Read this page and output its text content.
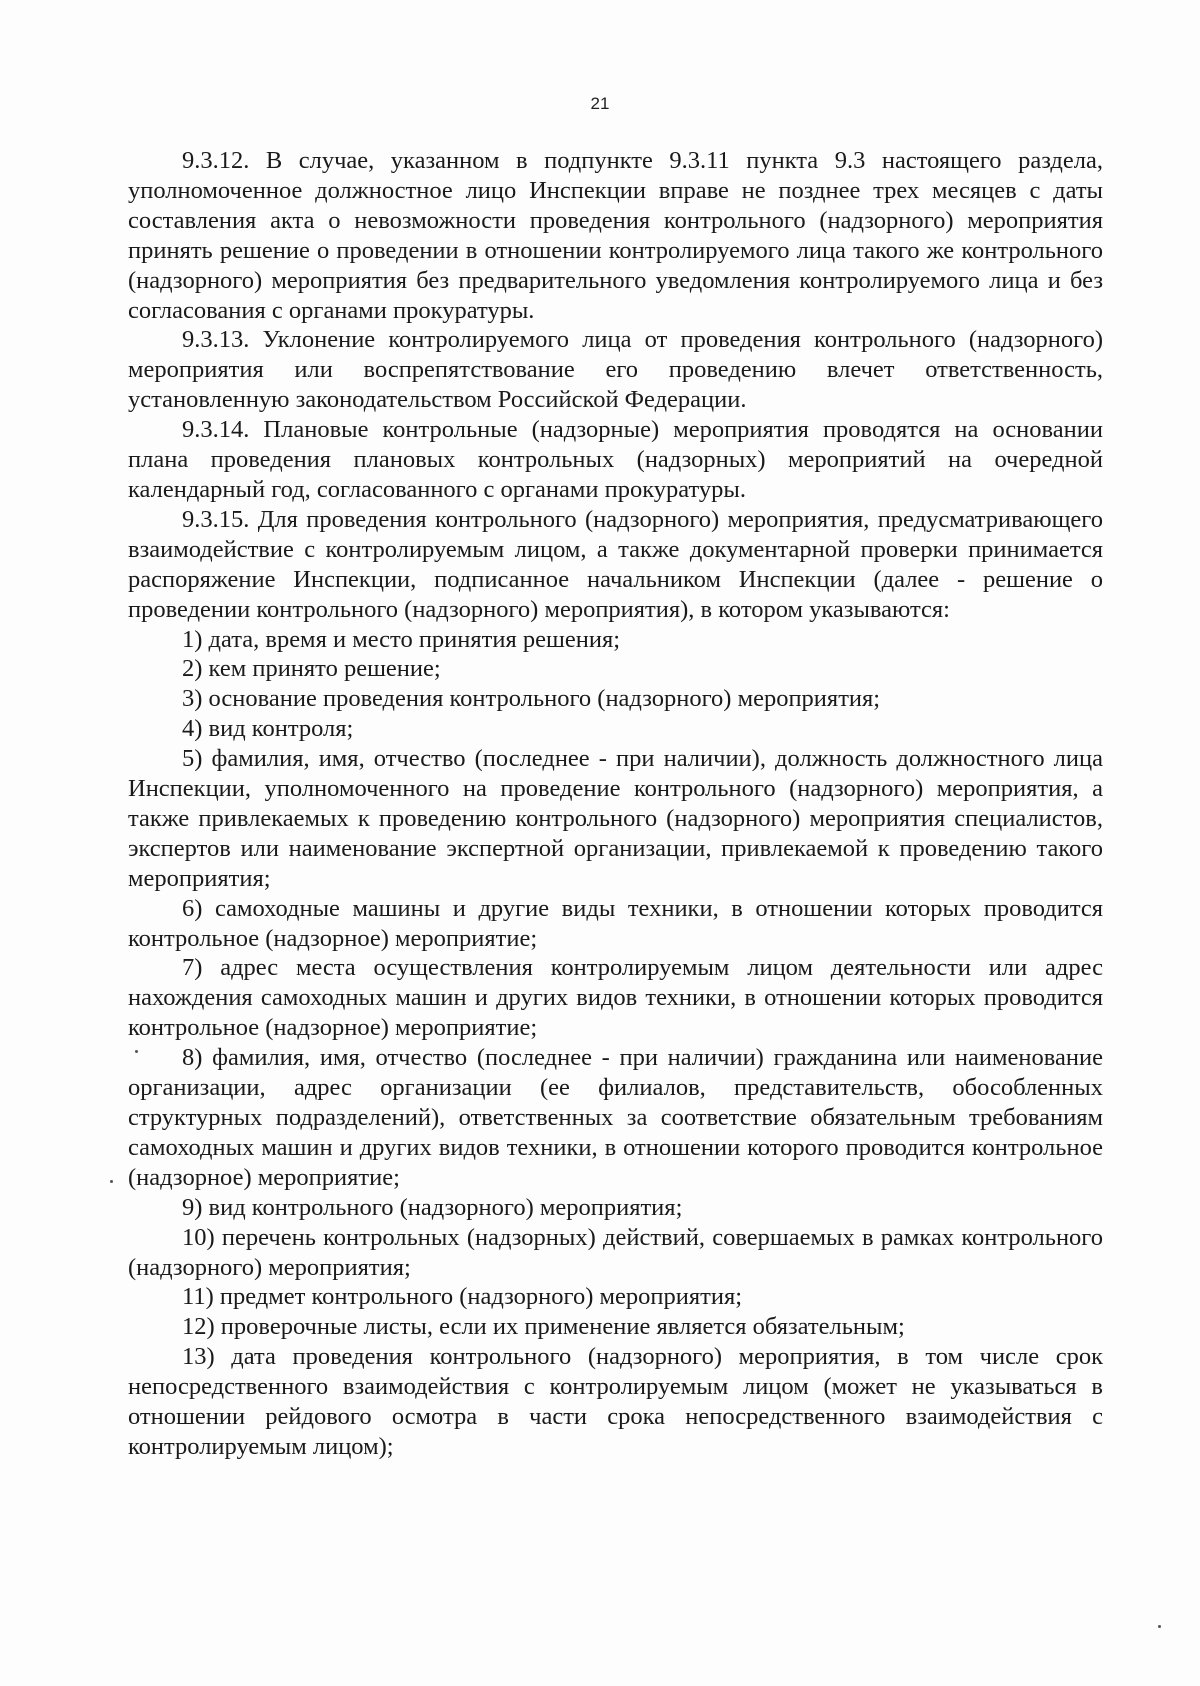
21

9.3.12. В случае, указанном в подпункте 9.3.11 пункта 9.3 настоящего раздела, уполномоченное должностное лицо Инспекции вправе не позднее трех месяцев с даты составления акта о невозможности проведения контрольного (надзорного) мероприятия принять решение о проведении в отношении контролируемого лица такого же контрольного (надзорного) мероприятия без предварительного уведомления контролируемого лица и без согласования с органами прокуратуры.

9.3.13. Уклонение контролируемого лица от проведения контрольного (надзорного) мероприятия или воспрепятствование его проведению влечет ответственность, установленную законодательством Российской Федерации.

9.3.14. Плановые контрольные (надзорные) мероприятия проводятся на основании плана проведения плановых контрольных (надзорных) мероприятий на очередной календарный год, согласованного с органами прокуратуры.

9.3.15. Для проведения контрольного (надзорного) мероприятия, предусматривающего взаимодействие с контролируемым лицом, а также документарной проверки принимается распоряжение Инспекции, подписанное начальником Инспекции (далее - решение о проведении контрольного (надзорного) мероприятия), в котором указываются:

1) дата, время и место принятия решения;

2) кем принято решение;

3) основание проведения контрольного (надзорного) мероприятия;

4) вид контроля;

5) фамилия, имя, отчество (последнее - при наличии), должность должностного лица Инспекции, уполномоченного на проведение контрольного (надзорного) мероприятия, а также привлекаемых к проведению контрольного (надзорного) мероприятия специалистов, экспертов или наименование экспертной организации, привлекаемой к проведению такого мероприятия;

6) самоходные машины и другие виды техники, в отношении которых проводится контрольное (надзорное) мероприятие;

7) адрес места осуществления контролируемым лицом деятельности или адрес нахождения самоходных машин и других видов техники, в отношении которых проводится контрольное (надзорное) мероприятие;

8) фамилия, имя, отчество (последнее - при наличии) гражданина или наименование организации, адрес организации (ее филиалов, представительств, обособленных структурных подразделений), ответственных за соответствие обязательным требованиям самоходных машин и других видов техники, в отношении которого проводится контрольное (надзорное) мероприятие;

9) вид контрольного (надзорного) мероприятия;

10) перечень контрольных (надзорных) действий, совершаемых в рамках контрольного (надзорного) мероприятия;

11) предмет контрольного (надзорного) мероприятия;

12) проверочные листы, если их применение является обязательным;

13) дата проведения контрольного (надзорного) мероприятия, в том числе срок непосредственного взаимодействия с контролируемым лицом (может не указываться в отношении рейдового осмотра в части срока непосредственного взаимодействия с контролируемым лицом);
